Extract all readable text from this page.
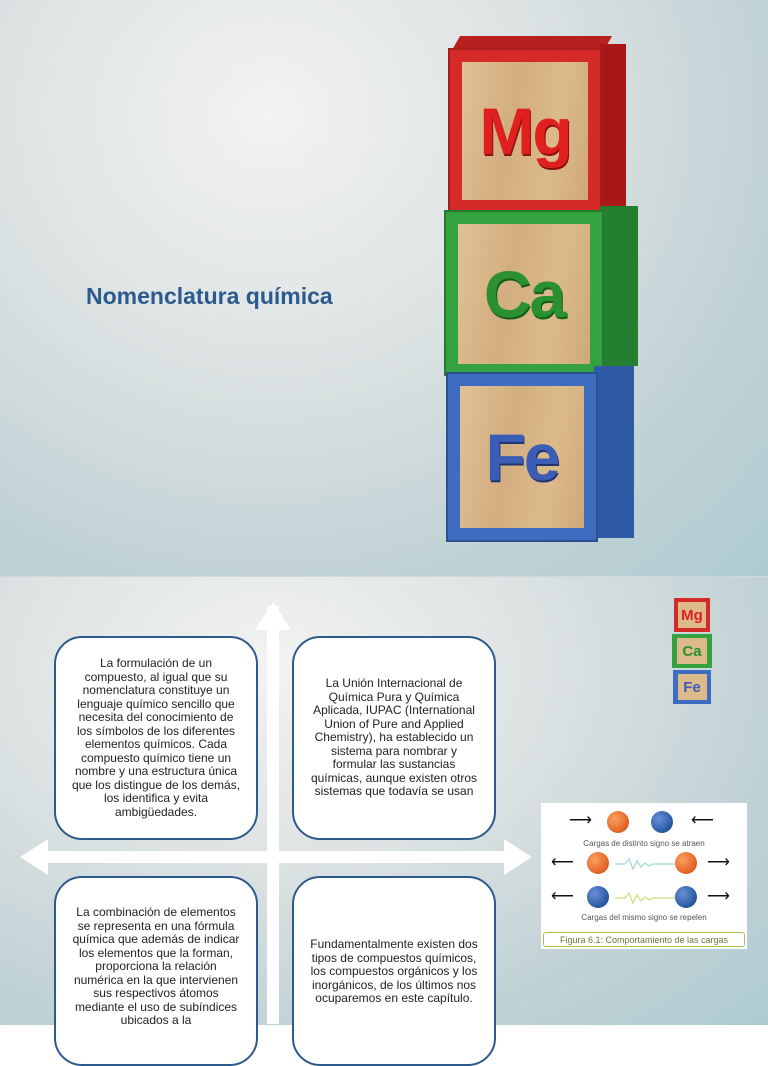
Nomenclatura química
Mg
Ca
Fe
La formulación de un compuesto, al igual que su nomenclatura constituye un lenguaje químico sencillo que necesita del conocimiento de los símbolos de los diferentes elementos químicos. Cada compuesto químico tiene un nombre y una estructura única que los distingue de los demás, los identifica y evita ambigüedades.
La Unión Internacional de Química Pura y Química Aplicada, IUPAC (International Union of Pure and Applied Chemistry), ha establecido un sistema para nombrar y formular las sustancias químicas, aunque existen otros sistemas que todavía se usan
La combinación de elementos se representa en una fórmula química que además de indicar los elementos que la forman, proporciona la relación numérica en la que intervienen sus respectivos átomos mediante el uso de subíndices ubicados a la
Fundamentalmente existen dos tipos de compuestos químicos, los compuestos orgánicos y los inorgánicos, de los últimos nos ocuparemos en este capítulo.
Mg
Ca
Fe
⟶	⟵
Cargas de distinto signo se atraen
⟵	⟶
⟵	⟶
Cargas del mismo signo se repelen
Figura 6.1: Comportamiento de las cargas
